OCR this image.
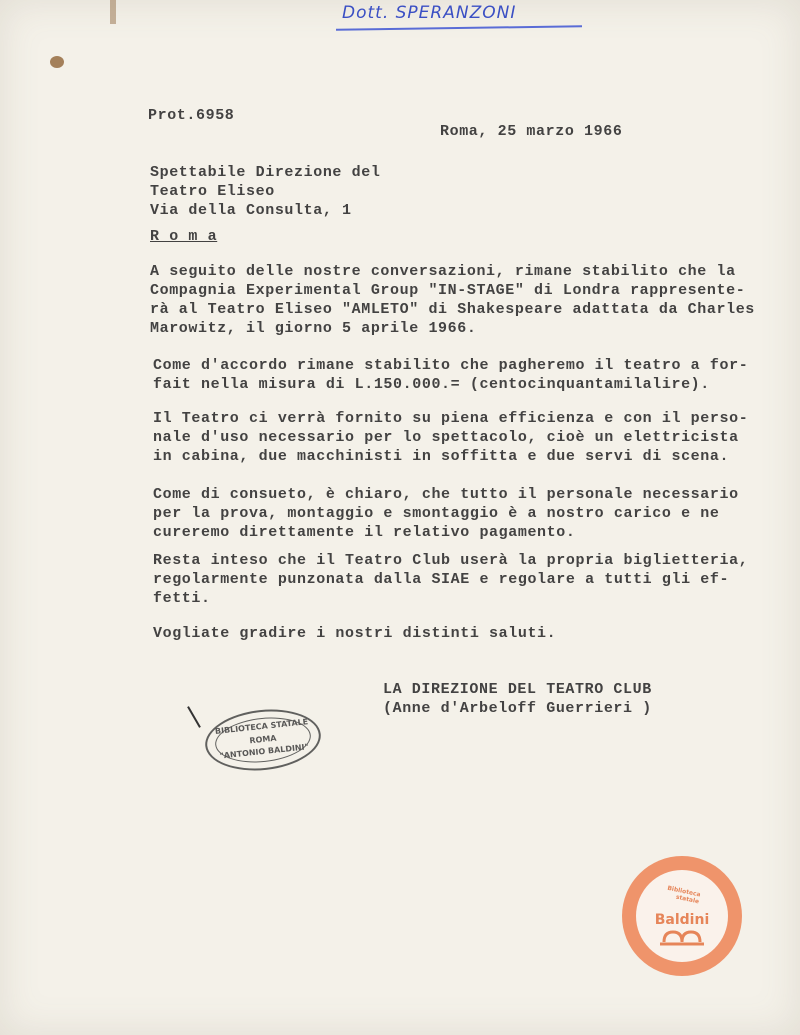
Dott. SPERANZONI
Prot.6958
Roma, 25 marzo 1966
Spettabile Direzione del
Teatro Eliseo
Via della Consulta, 1
R o m a
A seguito delle nostre conversazioni, rimane stabilito che la
Compagnia Experimental Group "IN-STAGE" di Londra rappresente-
rà al Teatro Eliseo "AMLETO" di Shakespeare adattata da Charles
Marowitz, il giorno 5 aprile 1966.
Come d'accordo rimane stabilito che pagheremo il teatro a for-
fait nella misura di L.150.000.= (centocinquantamilalire).
Il Teatro ci verrà fornito su piena efficienza e con il perso-
nale d'uso necessario per lo spettacolo, cioè un elettricista
in cabina, due macchinisti in soffitta e due servi di scena.
Come di consueto, è chiaro, che tutto il personale necessario
per la prova, montaggio e smontaggio è a nostro carico e ne
cureremo direttamente il relativo pagamento.
Resta inteso che il Teatro Club userà la propria biglietteria,
regolarmente punzonata dalla SIAE e regolare a tutti gli ef-
fetti.
Vogliate gradire i nostri distinti saluti.
LA DIREZIONE DEL TEATRO CLUB
(Anne d'Arbeloff Guerrieri )
BIBLIOTECA STATALE
ROMA
"ANTONIO BALDINI"
Biblioteca statale
Baldini
